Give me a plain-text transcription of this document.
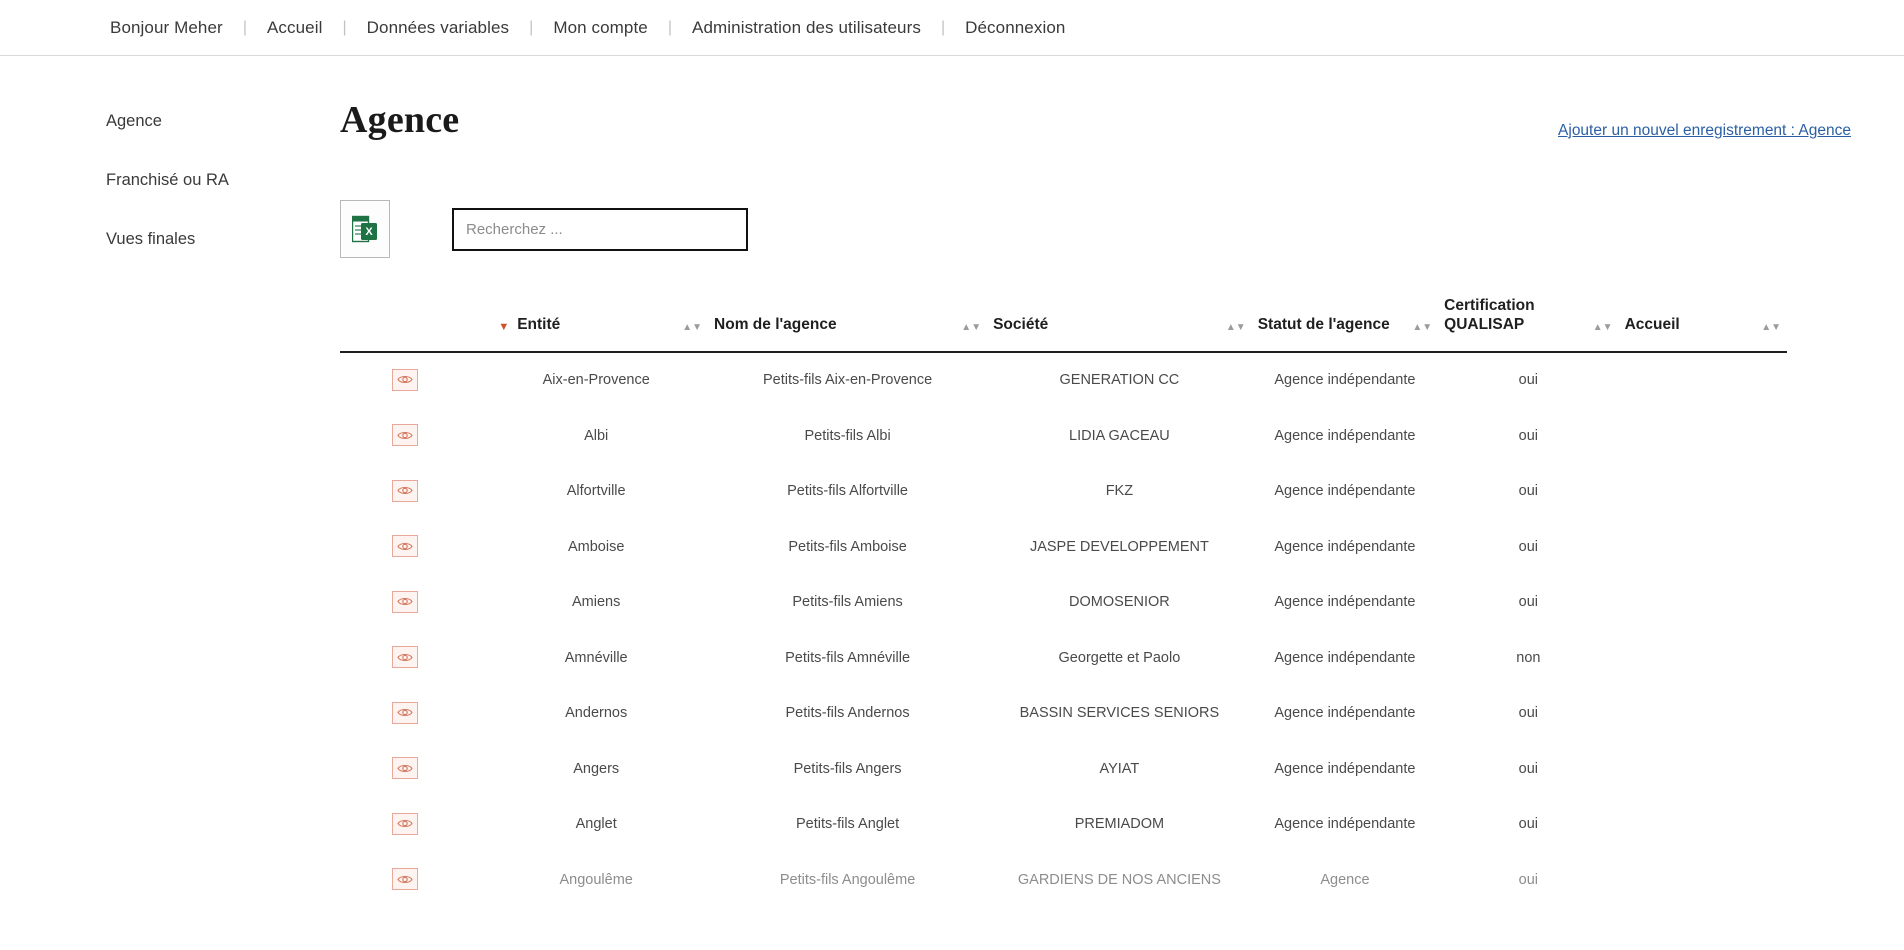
Bonjour Meher	|	Accueil	|	Données variables	|	Mon compte	|	Administration des utilisateurs	|	Déconnexion
Agence
Franchisé ou RA
Vues finales
Agence	Ajouter un nouvel enregistrement : Agence
X
Recherchez ...

	▼ Entité ▲▼	Nom de l'agence ▲▼	Société ▲▼	Statut de l'agence ▲▼	Certification QUALISAP ▲▼	Accueil ▲▼

	Aix-en-Provence	Petits-fils Aix-en-Provence	GENERATION CC	Agence indépendante	oui	

	Albi	Petits-fils Albi	LIDIA GACEAU	Agence indépendante	oui	

	Alfortville	Petits-fils Alfortville	FKZ	Agence indépendante	oui	

	Amboise	Petits-fils Amboise	JASPE DEVELOPPEMENT	Agence indépendante	oui	

	Amiens	Petits-fils Amiens	DOMOSENIOR	Agence indépendante	oui	

	Amnéville	Petits-fils Amnéville	Georgette et Paolo	Agence indépendante	non	

	Andernos	Petits-fils Andernos	BASSIN SERVICES SENIORS	Agence indépendante	oui	

	Angers	Petits-fils Angers	AYIAT	Agence indépendante	oui	

	Anglet	Petits-fils Anglet	PREMIADOM	Agence indépendante	oui	

	Angoulême	Petits-fils Angoulême	GARDIENS DE NOS ANCIENS	Agence	oui	
